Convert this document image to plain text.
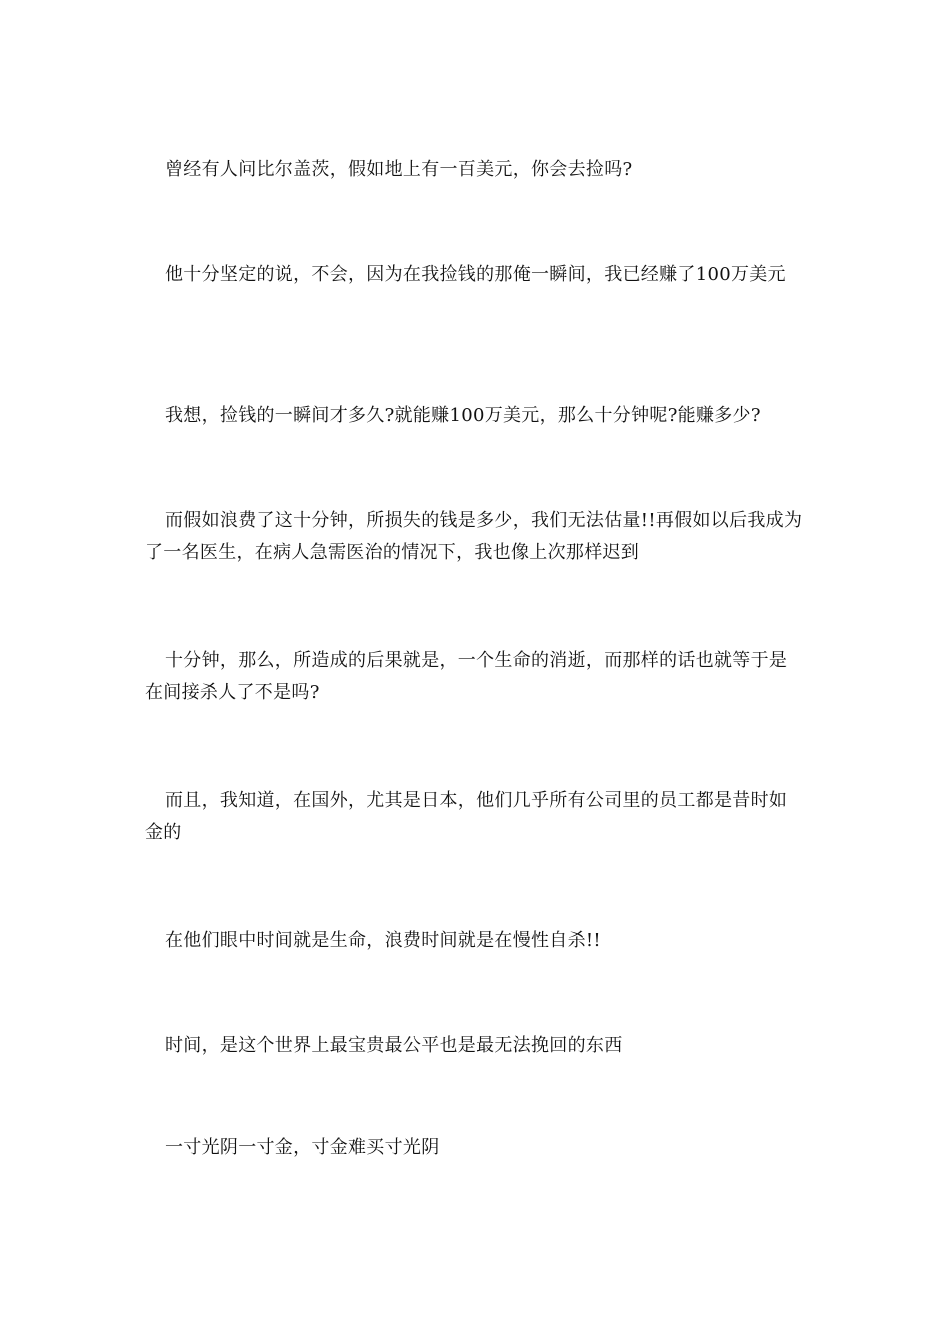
曾经有人问比尔盖茨，假如地上有一百美元，你会去捡吗?

他十分坚定的说，不会，因为在我捡钱的那俺一瞬间，我已经赚了100万美元

我想，捡钱的一瞬间才多久?就能赚100万美元，那么十分钟呢?能赚多少?

而假如浪费了这十分钟，所损失的钱是多少，我们无法估量!!再假如以后我成为了一名医生，在病人急需医治的情况下，我也像上次那样迟到

十分钟，那么，所造成的后果就是，一个生命的消逝，而那样的话也就等于是在间接杀人了不是吗?

而且，我知道，在国外，尤其是日本，他们几乎所有公司里的员工都是昔时如金的

在他们眼中时间就是生命，浪费时间就是在慢性自杀!!

时间，是这个世界上最宝贵最公平也是最无法挽回的东西

一寸光阴一寸金，寸金难买寸光阴
